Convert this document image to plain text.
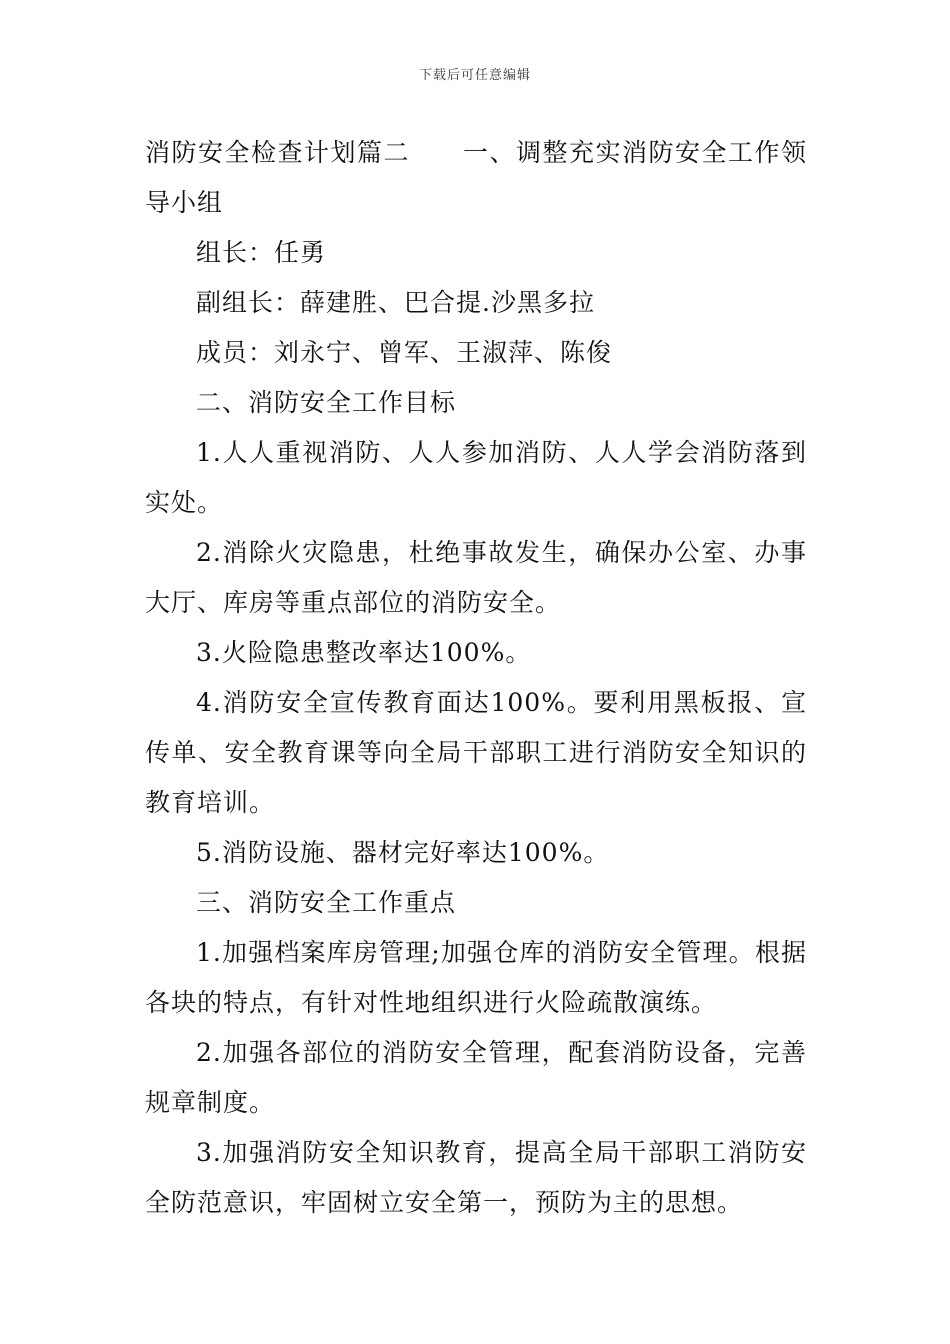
下载后可任意编辑

消防安全检查计划篇二　　一、调整充实消防安全工作领导小组

组长：任勇

副组长：薛建胜、巴合提.沙黑多拉

成员：刘永宁、曾军、王淑萍、陈俊

二、消防安全工作目标

1.人人重视消防、人人参加消防、人人学会消防落到实处。

2.消除火灾隐患，杜绝事故发生，确保办公室、办事大厅、库房等重点部位的消防安全。

3.火险隐患整改率达100%。

4.消防安全宣传教育面达100%。要利用黑板报、宣传单、安全教育课等向全局干部职工进行消防安全知识的教育培训。

5.消防设施、器材完好率达100%。

三、消防安全工作重点

1.加强档案库房管理;加强仓库的消防安全管理。根据各块的特点，有针对性地组织进行火险疏散演练。

2.加强各部位的消防安全管理，配套消防设备，完善规章制度。

3.加强消防安全知识教育，提高全局干部职工消防安全防范意识，牢固树立安全第一，预防为主的思想。
